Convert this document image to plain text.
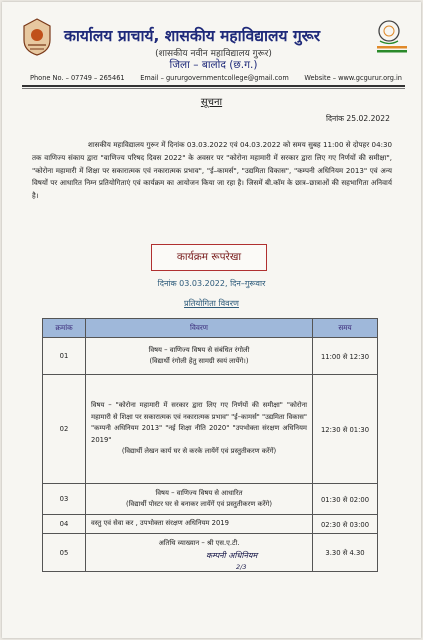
कार्यालय प्राचार्य, शासकीय महाविद्यालय गुरूर
(शासकीय नवीन महाविद्यालय गुरूर)
जिला – बालोद (छ.ग.)
Phone No. – 07749 – 265461 Email – gururgovernmentcollege@gmail.com Website – www.gcgurur.org.in
सूचना
दिनांक 25.02.2022
शासकीय महाविद्यालय गुरूर में दिनांक 03.03.2022 एवं 04.03.2022 को समय सुबह 11:00 से दोपहर 04:30 तक वाणिज्य संकाय द्वारा "वाणिज्य परिषद दिवस 2022" के अवसर पर "कोरोना महामारी में सरकार द्वारा लिए गए निर्णयों की समीक्षा", "कोरोना महामारी में शिक्षा पर सकारात्मक एवं नकारात्मक प्रभाव", "ई–कामर्स", "उद्यमिता विकास", "कम्पनी अधिनियम 2013" एवं अन्य विषयों पर आधारित निम्न प्रतियोगिताएं एवं कार्यक्रम का आयोजन किया जा रहा है। जिसमें बी.कॉम के छात्र–छात्राओं की सहभागिता अनिवार्य है।
कार्यक्रम रूपरेखा
दिनांक 03.03.2022, दिन–गुरूवार
प्रतियोगिता विवरण
क्रमांक	विवरण	समय
01	विषय – वाणिज्य विषय से संबंधित रंगोली
(विद्यार्थी रंगोली हेतु सामग्री स्वयं लायेंगे।)	11:00 से 12:30
02	विषय – "कोरोना महामारी में सरकार द्वारा लिए गए निर्णयों की समीक्षा" "कोरोना महामारी से शिक्षा पर सकारात्मक एवं नकारात्मक प्रभाव" "ई–कामर्स" "उद्यमिता विकास" "कम्पनी अधिनियम 2013" "नई शिक्षा नीति 2020" "उपभोक्ता संरक्षण अधिनियम 2019"
(विद्यार्थी लेखन कार्य घर से करके लायेंगें एवं प्रस्तुतीकरण करेंगें)	12:30 से 01:30
03	विषय – वाणिज्य विषय से आधारित
(विद्यार्थी पोस्टर घर से बनाकर लायेंगें एवं प्रस्तुतीकरण करेंगे)	01:30 से 02:00
04	वस्तु एवं सेवा कर , उपभोक्ता संरक्षण अधिनियम 2019	02:30 से 03:00
05	अतिथि व्याख्यान – श्री एस.ए.टी.
कम्पनी अधिनियम
2/3	3.30 से 4.30
